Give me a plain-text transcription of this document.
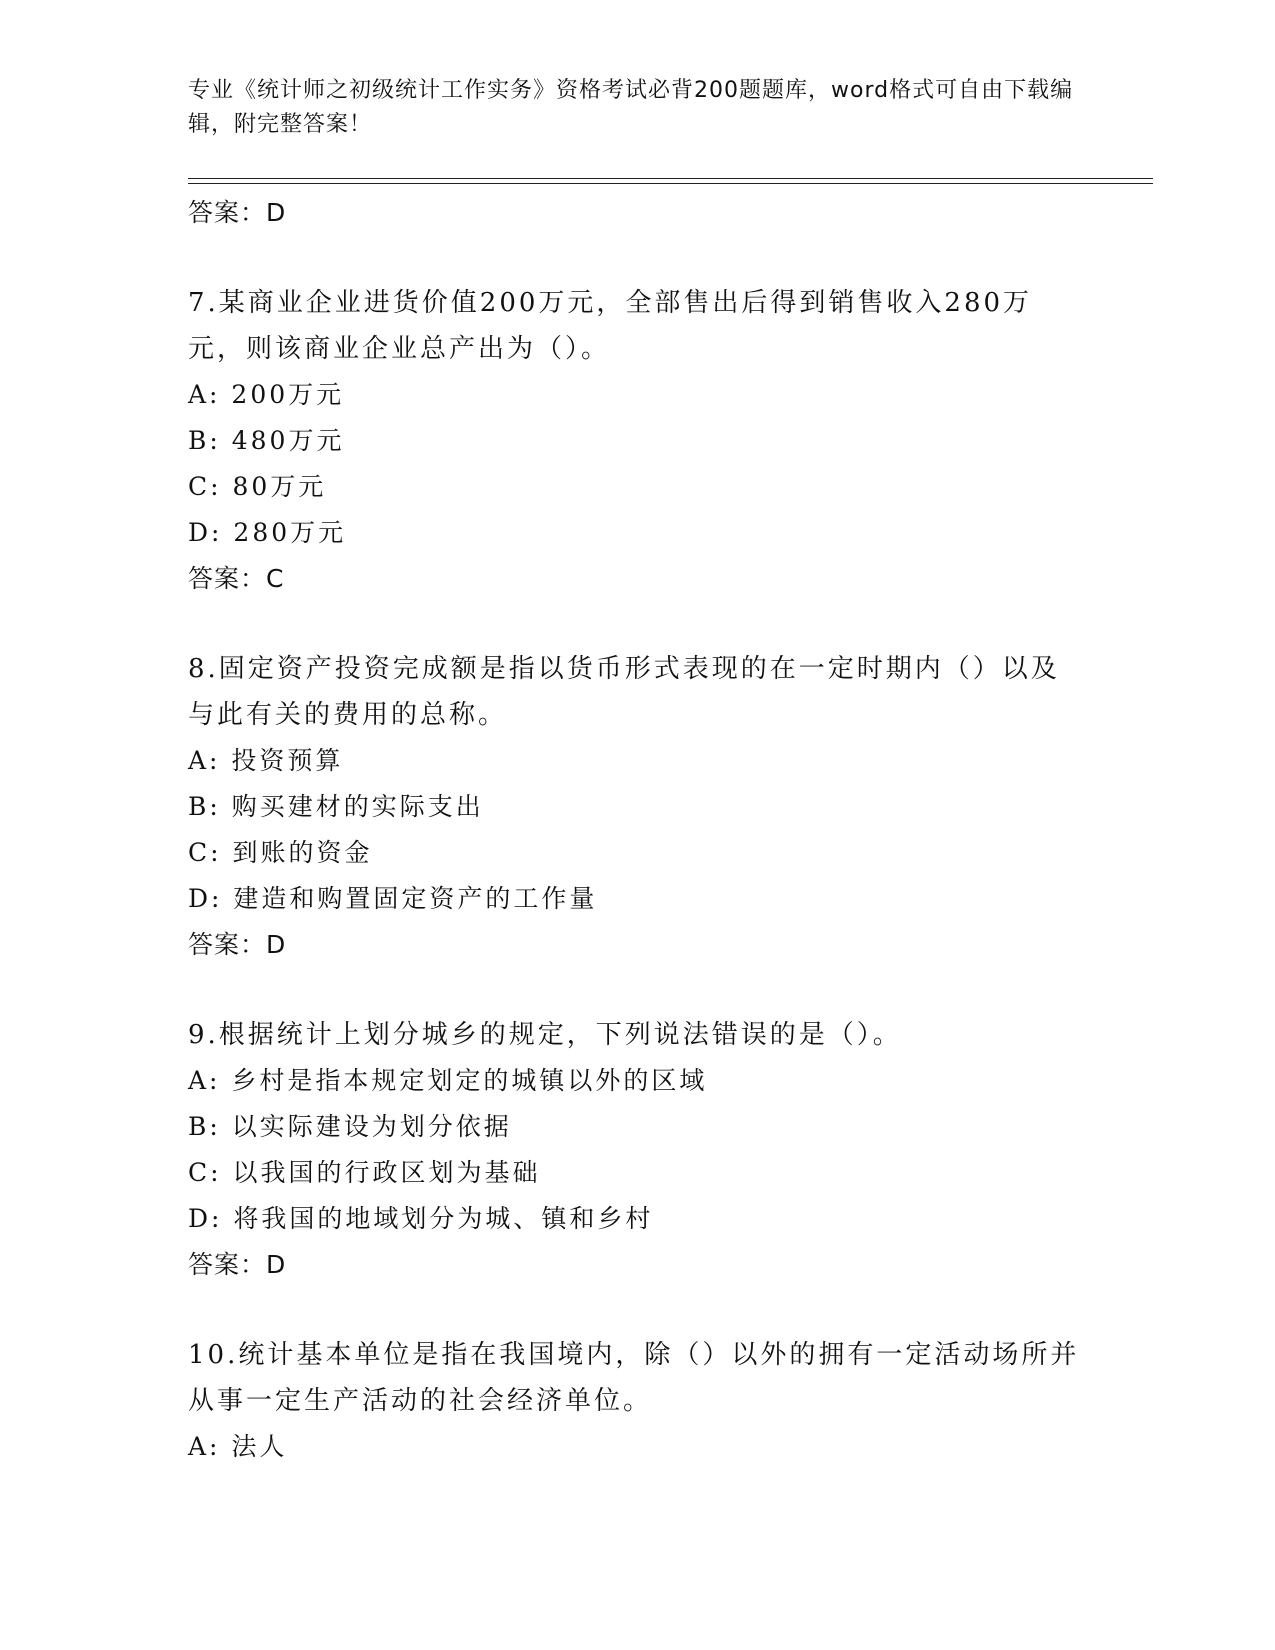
专业《统计师之初级统计工作实务》资格考试必背200题题库，word格式可自由下载编辑，附完整答案！
答案：D
7.某商业企业进货价值200万元，全部售出后得到销售收入280万元，则该商业企业总产出为（）。
A: 200万元
B: 480万元
C: 80万元
D: 280万元
答案：C
8.固定资产投资完成额是指以货币形式表现的在一定时期内（）以及与此有关的费用的总称。
A: 投资预算
B: 购买建材的实际支出
C: 到账的资金
D: 建造和购置固定资产的工作量
答案：D
9.根据统计上划分城乡的规定，下列说法错误的是（）。
A: 乡村是指本规定划定的城镇以外的区域
B: 以实际建设为划分依据
C: 以我国的行政区划为基础
D: 将我国的地域划分为城、镇和乡村
答案：D
10.统计基本单位是指在我国境内，除（）以外的拥有一定活动场所并从事一定生产活动的社会经济单位。
A: 法人
